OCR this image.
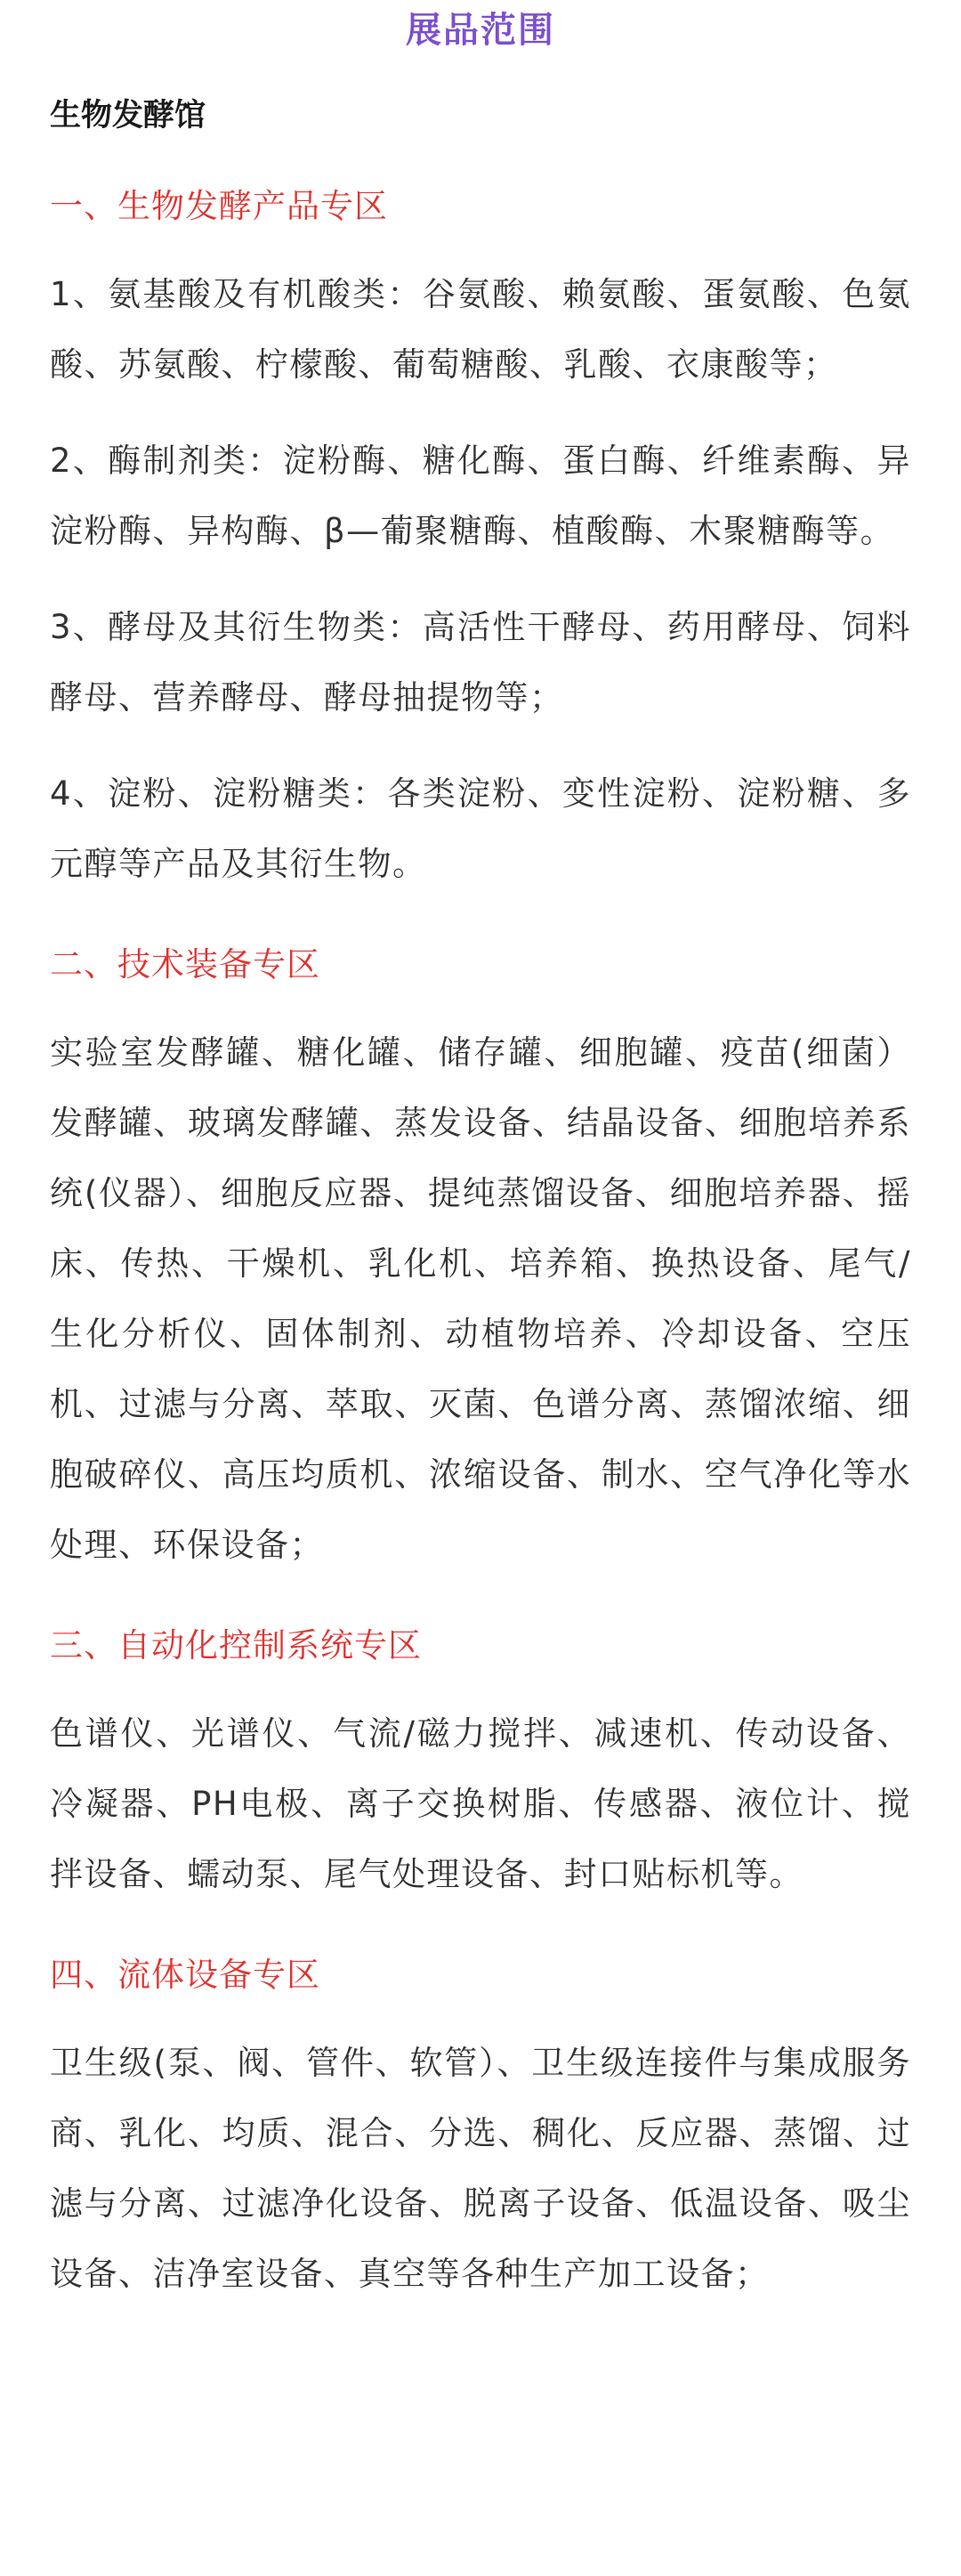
展品范围
生物发酵馆
一、生物发酵产品专区

1、氨基酸及有机酸类：谷氨酸、赖氨酸、蛋氨酸、色氨酸、苏氨酸、柠檬酸、葡萄糖酸、乳酸、衣康酸等；

2、酶制剂类：淀粉酶、糖化酶、蛋白酶、纤维素酶、异淀粉酶、异构酶、β—葡聚糖酶、植酸酶、木聚糖酶等。

3、酵母及其衍生物类：高活性干酵母、药用酵母、饲料酵母、营养酵母、酵母抽提物等；

4、淀粉、淀粉糖类：各类淀粉、变性淀粉、淀粉糖、多元醇等产品及其衍生物。

二、技术装备专区

实验室发酵罐、糖化罐、储存罐、细胞罐、疫苗(细菌）发酵罐、玻璃发酵罐、蒸发设备、结晶设备、细胞培养系统(仪器）、细胞反应器、提纯蒸馏设备、细胞培养器、摇床、传热、干燥机、乳化机、培养箱、换热设备、尾气/生化分析仪、固体制剂、动植物培养、冷却设备、空压机、过滤与分离、萃取、灭菌、色谱分离、蒸馏浓缩、细胞破碎仪、高压均质机、浓缩设备、制水、空气净化等水处理、环保设备；

三、自动化控制系统专区

色谱仪、光谱仪、气流/磁力搅拌、减速机、传动设备、冷凝器、PH电极、离子交换树脂、传感器、液位计、搅拌设备、蠕动泵、尾气处理设备、封口贴标机等。

四、流体设备专区

卫生级(泵、阀、管件、软管）、卫生级连接件与集成服务商、乳化、均质、混合、分选、稠化、反应器、蒸馏、过滤与分离、过滤净化设备、脱离子设备、低温设备、吸尘设备、洁净室设备、真空等各种生产加工设备；
